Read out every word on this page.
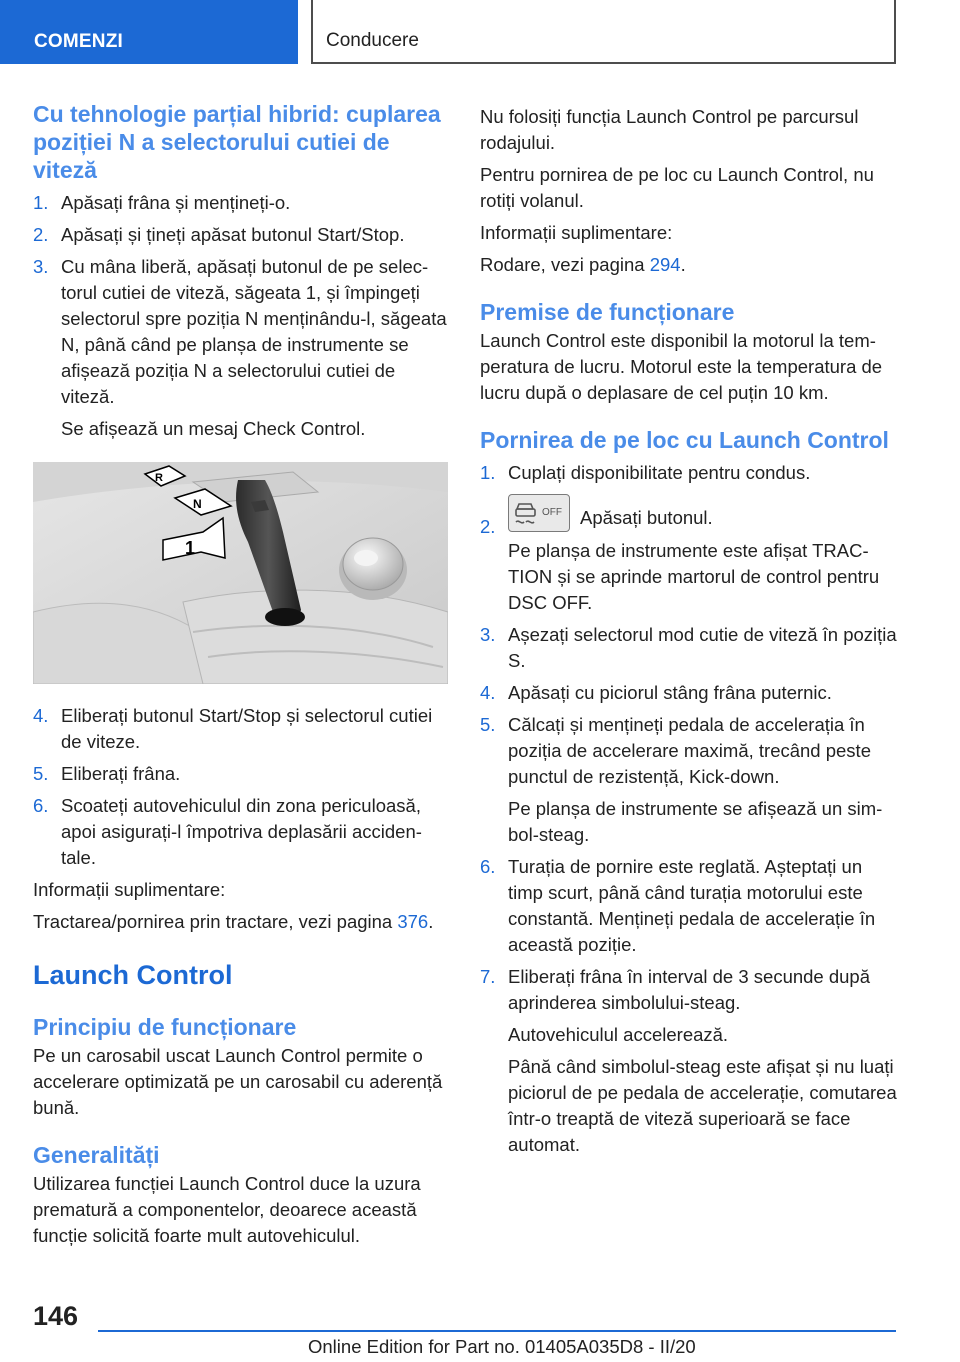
COMENZI	Conducere
Cu tehnologie parțial hibrid: cuplarea poziției N a selectorului cutiei de viteză
1. Apăsați frâna și mențineți-o.
2. Apăsați și țineți apăsat butonul Start/Stop.
3. Cu mâna liberă, apăsați butonul de pe selectorul cutiei de viteză, săgeata 1, și împingeți selectorul spre poziția N menținându-l, săgeata N, până când pe planșa de instrumente se afișează poziția N a selectorului cutiei de viteză.

Se afișează un mesaj Check Control.

R
N
1
4. Eliberați butonul Start/Stop și selectorul cutiei de viteze.
5. Eliberați frâna.
6. Scoateți autovehiculul din zona periculoasă, apoi asigurați-l împotriva deplasării accidentale.

Informații suplimentare:

Tractarea/pornirea prin tractare, vezi pagina 376.

Launch Control
Principiu de funcționare

Pe un carosabil uscat Launch Control permite o accelerare optimizată pe un carosabil cu aderență bună.

Generalități

Utilizarea funcției Launch Control duce la uzura prematură a componentelor, deoarece această funcție solicită foarte mult autovehiculul.

Nu folosiți funcția Launch Control pe parcursul rodajului.

Pentru pornirea de pe loc cu Launch Control, nu rotiți volanul.

Informații suplimentare:

Rodare, vezi pagina 294.

Premise de funcționare

Launch Control este disponibil la motorul la temperatura de lucru. Motorul este la temperatura de lucru după o deplasare de cel puțin 10 km.

Pornirea de pe loc cu Launch Control
1. Cuplați disponibilitate pentru condus.
2.
OFF Apăsați butonul.

Pe planșa de instrumente este afișat TRACTION și se aprinde martorul de control pentru DSC OFF.

3. Așezați selectorul mod cutie de viteză în poziția S.
4. Apăsați cu piciorul stâng frâna puternic.
5. Călcați și mențineți pedala de accelerația în poziția de accelerare maximă, trecând peste punctul de rezistență, Kick-down.

Pe planșa de instrumente se afișează un simbol-steag.

6. Turația de pornire este reglată. Așteptați un timp scurt, până când turația motorului este constantă. Mențineți pedala de accelerație în această poziție.
7. Eliberați frâna în interval de 3 secunde după aprinderea simbolului-steag.

Autovehiculul accelerează.

Până când simbolul-steag este afișat și nu luați piciorul de pe pedala de accelerație, comutarea într-o treaptă de viteză superioară se face automat.

146
Online Edition for Part no. 01405A035D8 - II/20
